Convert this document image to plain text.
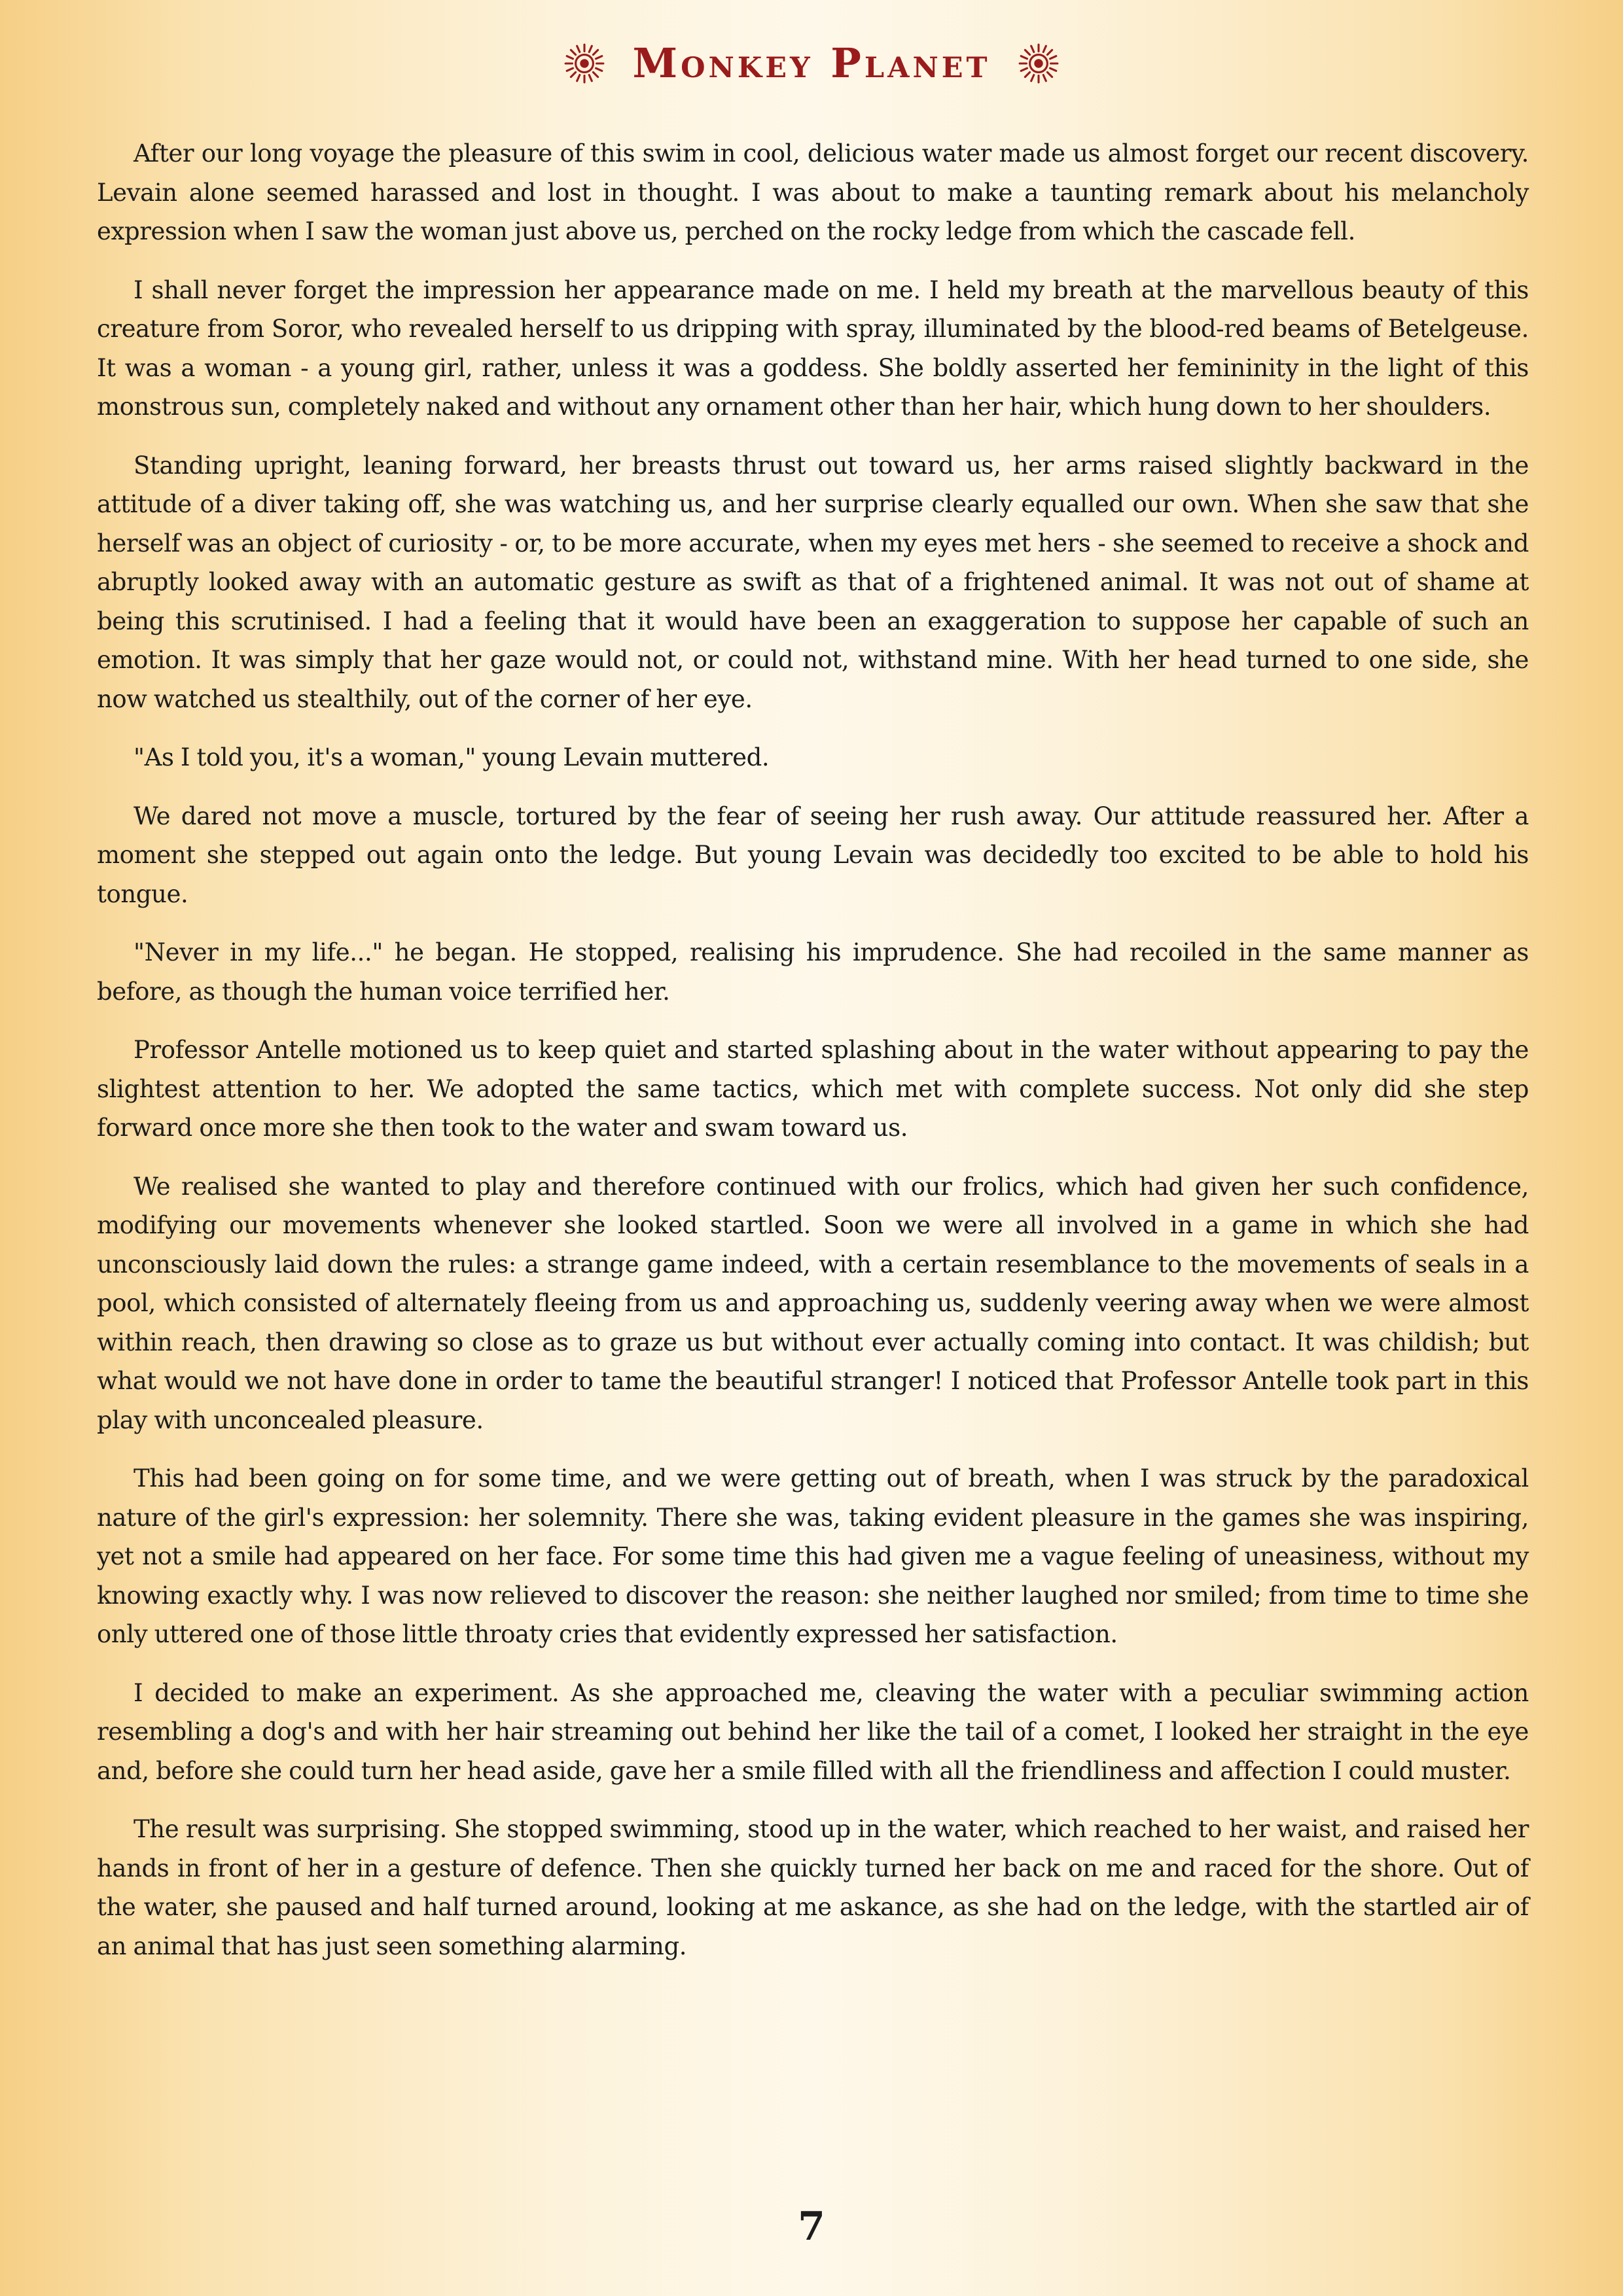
Monkey Planet

After our long voyage the pleasure of this swim in cool, delicious water made us almost forget our recent discovery. Levain alone seemed harassed and lost in thought. I was about to make a taunting remark about his melancholy expression when I saw the woman just above us, perched on the rocky ledge from which the cascade fell.

I shall never forget the impression her appearance made on me. I held my breath at the marvellous beauty of this creature from Soror, who revealed herself to us dripping with spray, illuminated by the blood-red beams of Betelgeuse. It was a woman - a young girl, rather, unless it was a goddess. She boldly asserted her femininity in the light of this monstrous sun, completely naked and without any ornament other than her hair, which hung down to her shoulders.

Standing upright, leaning forward, her breasts thrust out toward us, her arms raised slightly backward in the attitude of a diver taking off, she was watching us, and her surprise clearly equalled our own. When she saw that she herself was an object of curiosity - or, to be more accurate, when my eyes met hers - she seemed to receive a shock and abruptly looked away with an automatic gesture as swift as that of a frightened animal. It was not out of shame at being this scrutinised. I had a feeling that it would have been an exaggeration to suppose her capable of such an emotion. It was simply that her gaze would not, or could not, withstand mine. With her head turned to one side, she now watched us stealthily, out of the corner of her eye.

"As I told you, it's a woman," young Levain muttered.

We dared not move a muscle, tortured by the fear of seeing her rush away. Our attitude reassured her. After a moment she stepped out again onto the ledge. But young Levain was decidedly too excited to be able to hold his tongue.

"Never in my life..." he began. He stopped, realising his imprudence. She had recoiled in the same manner as before, as though the human voice terrified her.

Professor Antelle motioned us to keep quiet and started splashing about in the water without appearing to pay the slightest attention to her. We adopted the same tactics, which met with complete success. Not only did she step forward once more she then took to the water and swam toward us.

We realised she wanted to play and therefore continued with our frolics, which had given her such confidence, modifying our movements whenever she looked startled. Soon we were all involved in a game in which she had unconsciously laid down the rules: a strange game indeed, with a certain resemblance to the movements of seals in a pool, which consisted of alternately fleeing from us and approaching us, suddenly veering away when we were almost within reach, then drawing so close as to graze us but without ever actually coming into contact. It was childish; but what would we not have done in order to tame the beautiful stranger! I noticed that Professor Antelle took part in this play with unconcealed pleasure.

This had been going on for some time, and we were getting out of breath, when I was struck by the paradoxical nature of the girl's expression: her solemnity. There she was, taking evident pleasure in the games she was inspiring, yet not a smile had appeared on her face. For some time this had given me a vague feeling of uneasiness, without my knowing exactly why. I was now relieved to discover the reason: she neither laughed nor smiled; from time to time she only uttered one of those little throaty cries that evidently expressed her satisfaction.

I decided to make an experiment. As she approached me, cleaving the water with a peculiar swimming action resembling a dog's and with her hair streaming out behind her like the tail of a comet, I looked her straight in the eye and, before she could turn her head aside, gave her a smile filled with all the friendliness and affection I could muster.

The result was surprising. She stopped swimming, stood up in the water, which reached to her waist, and raised her hands in front of her in a gesture of defence. Then she quickly turned her back on me and raced for the shore. Out of the water, she paused and half turned around, looking at me askance, as she had on the ledge, with the startled air of an animal that has just seen something alarming.

7
